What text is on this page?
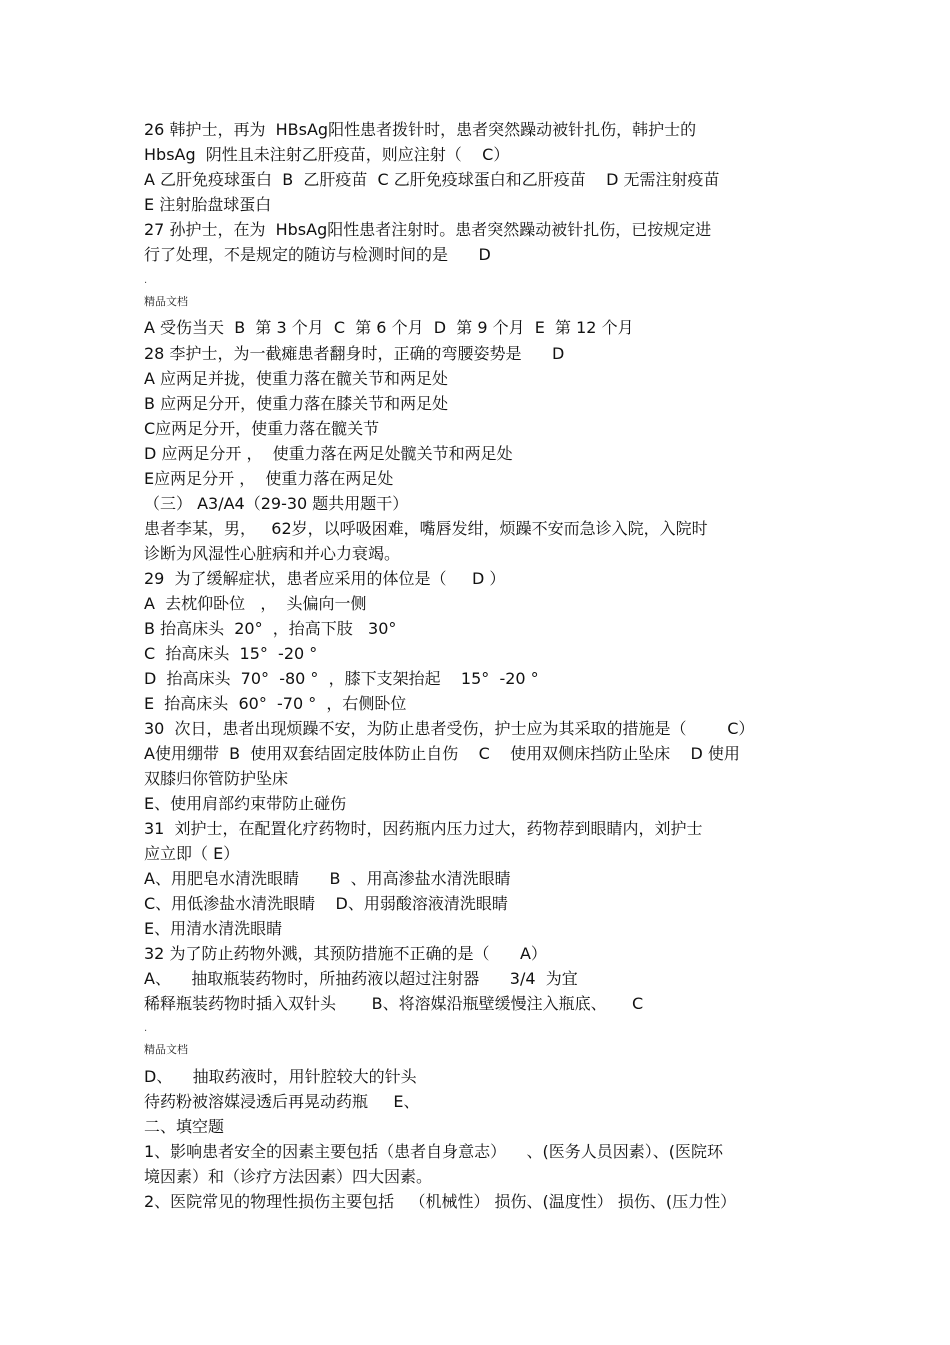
26 韩护士，再为  HBsAg阳性患者拨针时，患者突然躁动被针扎伤，韩护士的
HbsAg  阴性且未注射乙肝疫苗，则应注射（    C）
A 乙肝免疫球蛋白  B  乙肝疫苗  C 乙肝免疫球蛋白和乙肝疫苗    D 无需注射疫苗
E 注射胎盘球蛋白
27 孙护士，在为  HbsAg阳性患者注射时。患者突然躁动被针扎伤，已按规定进
行了处理，不是规定的随访与检测时间的是      D
.
精品文档
A 受伤当天  B  第 3 个月  C  第 6 个月  D  第 9 个月  E  第 12 个月
28 李护士，为一截瘫患者翻身时，正确的弯腰姿势是      D
A 应两足并拢，使重力落在髋关节和两足处
B 应两足分开，使重力落在膝关节和两足处
C应两足分开，使重力落在髋关节
D 应两足分开 ，  使重力落在两足处髋关节和两足处
E应两足分开 ，  使重力落在两足处
（三） A3/A4（29-30 题共用题干）
患者李某，男，   62岁，以呼吸困难，嘴唇发绀，烦躁不安而急诊入院，入院时
诊断为风湿性心脏病和并心力衰竭。
29  为了缓解症状，患者应采用的体位是（     D ）
A  去枕仰卧位   ，  头偏向一侧
B 抬高床头  20°  ，抬高下肢   30°
C  抬高床头  15°  -20 °
D  抬高床头  70°  -80 °  ，膝下支架抬起    15°  -20 °
E  抬高床头  60°  -70 °  ，右侧卧位
30  次日，患者出现烦躁不安，为防止患者受伤，护士应为其采取的措施是（        C）
A使用绷带  B  使用双套结固定肢体防止自伤    C    使用双侧床挡防止坠床    D 使用
双膝归你管防护坠床
E、使用肩部约束带防止碰伤
31  刘护士，在配置化疗药物时，因药瓶内压力过大，药物荐到眼睛内，刘护士
应立即（ E）
A、用肥皂水清洗眼睛      B  、用高渗盐水清洗眼睛
C、用低渗盐水清洗眼睛    D、用弱酸溶液清洗眼睛
E、用清水清洗眼睛
32 为了防止药物外溅，其预防措施不正确的是（      A）
A、    抽取瓶装药物时，所抽药液以超过注射器      3/4  为宜
稀释瓶装药物时插入双针头       B、将溶媒沿瓶壁缓慢注入瓶底、     C
.
精品文档
D、    抽取药液时，用针腔较大的针头
待药粉被溶媒浸透后再晃动药瓶     E、
二、填空题
1、影响患者安全的因素主要包括（患者自身意志）    、(医务人员因素）、(医院环
境因素）和（诊疗方法因素）四大因素。
2、医院常见的物理性损伤主要包括   （机械性） 损伤、(温度性） 损伤、(压力性）
